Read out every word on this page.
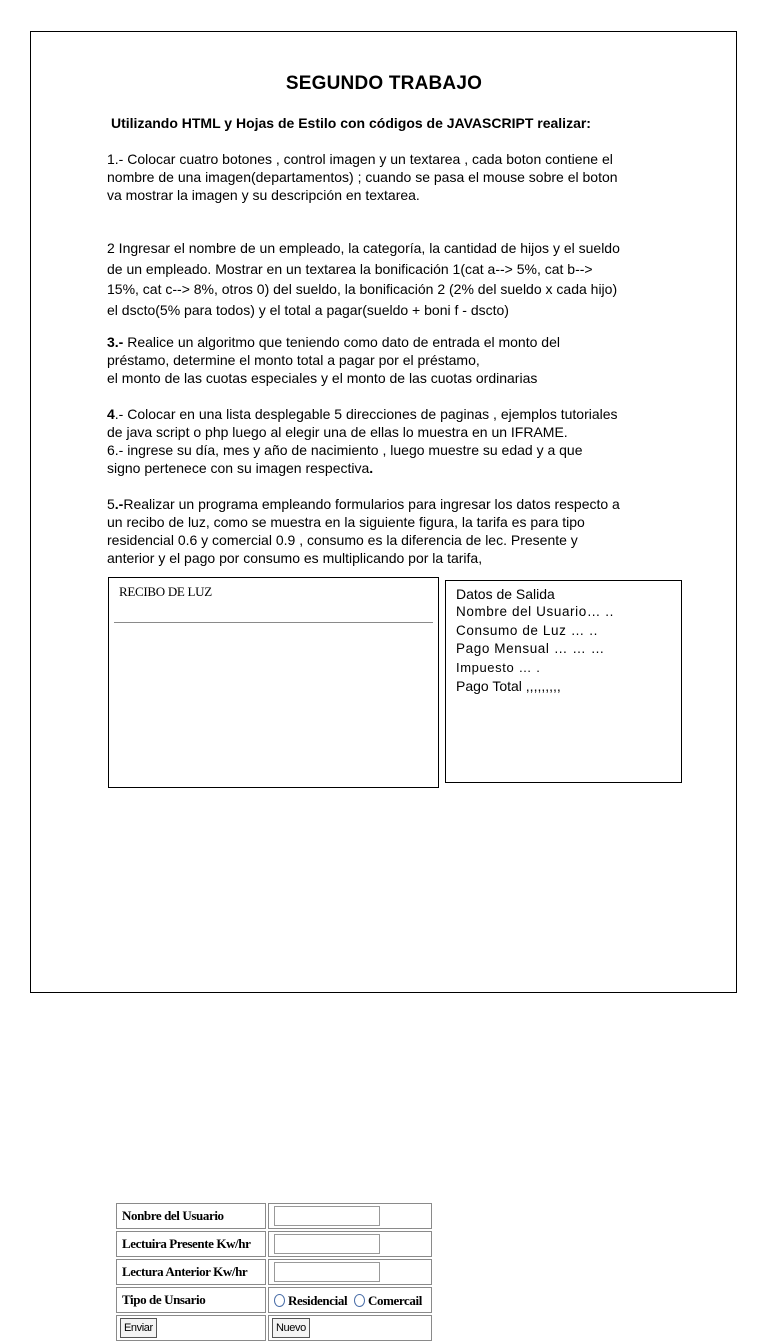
SEGUNDO TRABAJO
Utilizando HTML y Hojas de Estilo con códigos de JAVASCRIPT realizar:
1.- Colocar cuatro botones , control imagen y un textarea , cada boton contiene el
nombre de una imagen(departamentos) ; cuando se pasa el mouse sobre el boton
va mostrar la imagen y su descripción en textarea.
2 Ingresar el nombre de un empleado, la categoría, la cantidad de hijos y el sueldo
de un empleado. Mostrar en un textarea la bonificación 1(cat a--> 5%, cat b-->
15%, cat c--> 8%, otros 0) del sueldo, la bonificación 2 (2% del sueldo x cada hijo)
el dscto(5% para todos) y el total a pagar(sueldo + boni f - dscto)
3.- Realice un algoritmo que teniendo como dato de entrada el monto del
préstamo, determine el monto total a pagar por el préstamo,
el monto de las cuotas especiales y el monto de las cuotas ordinarias
4.- Colocar en una lista desplegable 5 direcciones de paginas , ejemplos tutoriales
de java script o php luego al elegir una de ellas lo muestra en un IFRAME.
6.- ingrese su día, mes y año de nacimiento , luego muestre su edad y a que
signo pertenece con su imagen respectiva.
5.-Realizar un programa empleando formularios para ingresar los datos respecto a
un recibo de luz, como se muestra en la siguiente figura, la tarifa es para tipo
residencial 0.6 y comercial 0.9 , consumo es la diferencia de lec. Presente y
anterior y el pago por consumo es multiplicando por la tarifa,
RECIBO DE LUZ
Nonbre del Usuario	
Lectuira Presente Kw/hr	
Lectura Anterior Kw/hr	
Tipo de Unsario	Residencial Comercail
Enviar	Nuevo
Datos de Salida
Nombre del Usuario… ..
Consumo de Luz … ..
Pago Mensual … … …
Impuesto … .
Pago Total ,,,,,,,,,
